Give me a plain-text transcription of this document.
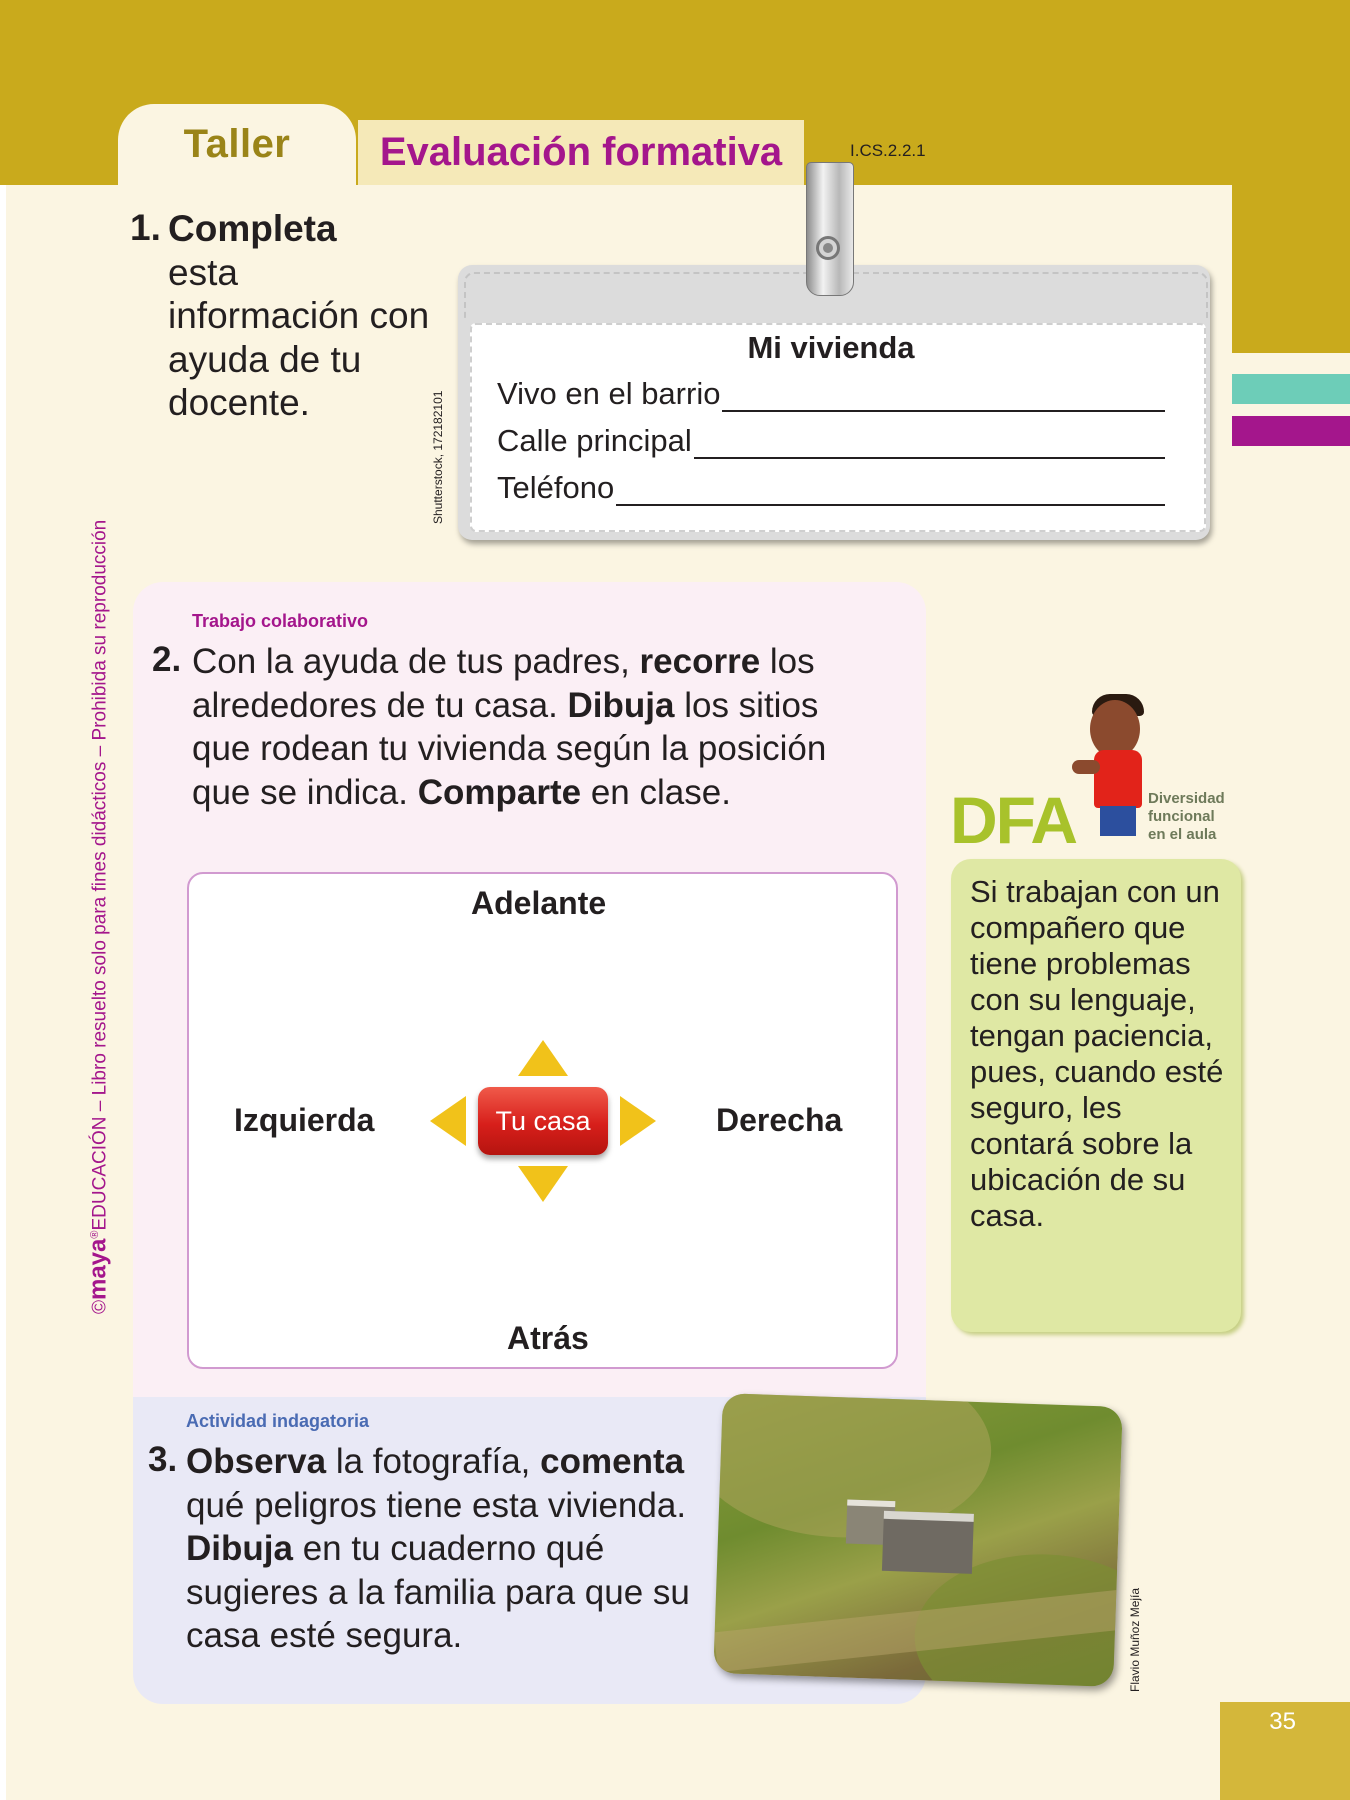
Taller Evaluación formativa	I.CS.2.2.1
©maya®EDUCACIÓN – Libro resuelto solo para fines didácticos – Prohibida su reproducción
1. Completa
esta información con ayuda de tu docente.	Shutterstock, 172182101
Mi vivienda
Vivo en el barrio
Calle principal
Teléfono
Trabajo colaborativo
2. Con la ayuda de tus padres, recorre los alrededores de tu casa. Dibuja los sitios que rodean tu vivienda según la posición que se indica. Comparte en clase.
Adelante
Izquierda	Derecha
Atrás
Tu casa
Actividad indagatoria
3. Observa la fotografía, comenta qué peligros tiene esta vivienda. Dibuja en tu cuaderno qué sugieres a la familia para que su casa esté segura.	Flavio Muñoz Mejía
DFA	Diversidad
funcional
en el aula
Si trabajan con un compañero que tiene problemas con su lenguaje, tengan paciencia, pues, cuando esté seguro, les contará sobre la ubicación de su casa.
35
